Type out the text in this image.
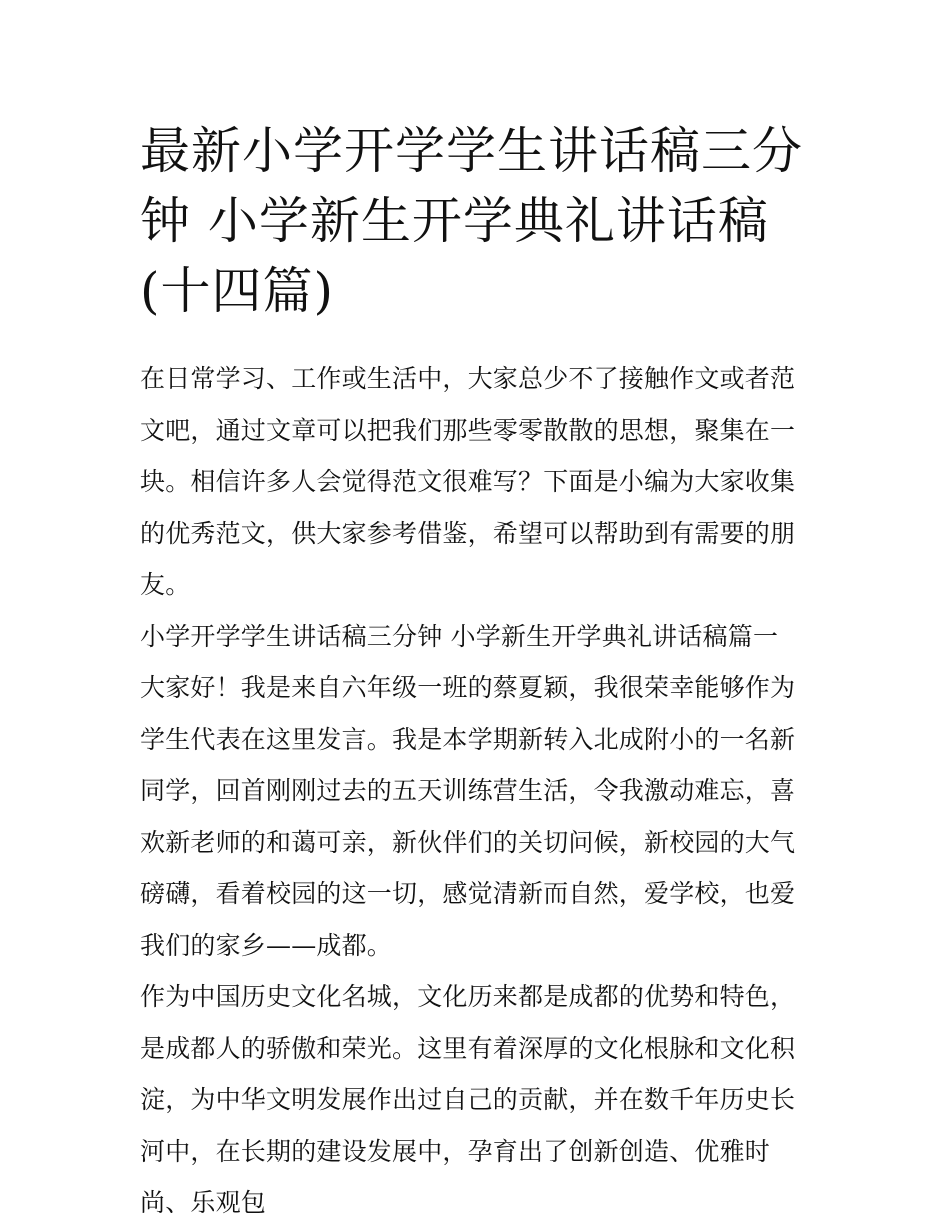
最新小学开学学生讲话稿三分钟 小学新生开学典礼讲话稿(十四篇)

在日常学习、工作或生活中，大家总少不了接触作文或者范文吧，通过文章可以把我们那些零零散散的思想，聚集在一块。相信许多人会觉得范文很难写？下面是小编为大家收集的优秀范文，供大家参考借鉴，希望可以帮助到有需要的朋友。

小学开学学生讲话稿三分钟 小学新生开学典礼讲话稿篇一

大家好！我是来自六年级一班的蔡夏颖，我很荣幸能够作为学生代表在这里发言。我是本学期新转入北成附小的一名新同学，回首刚刚过去的五天训练营生活，令我激动难忘，喜欢新老师的和蔼可亲，新伙伴们的关切问候，新校园的大气磅礴，看着校园的这一切，感觉清新而自然，爱学校，也爱我们的家乡——成都。

作为中国历史文化名城，文化历来都是成都的优势和特色，是成都人的骄傲和荣光。这里有着深厚的文化根脉和文化积淀，为中华文明发展作出过自己的贡献，并在数千年历史长河中，在长期的建设发展中，孕育出了创新创造、优雅时尚、乐观包
